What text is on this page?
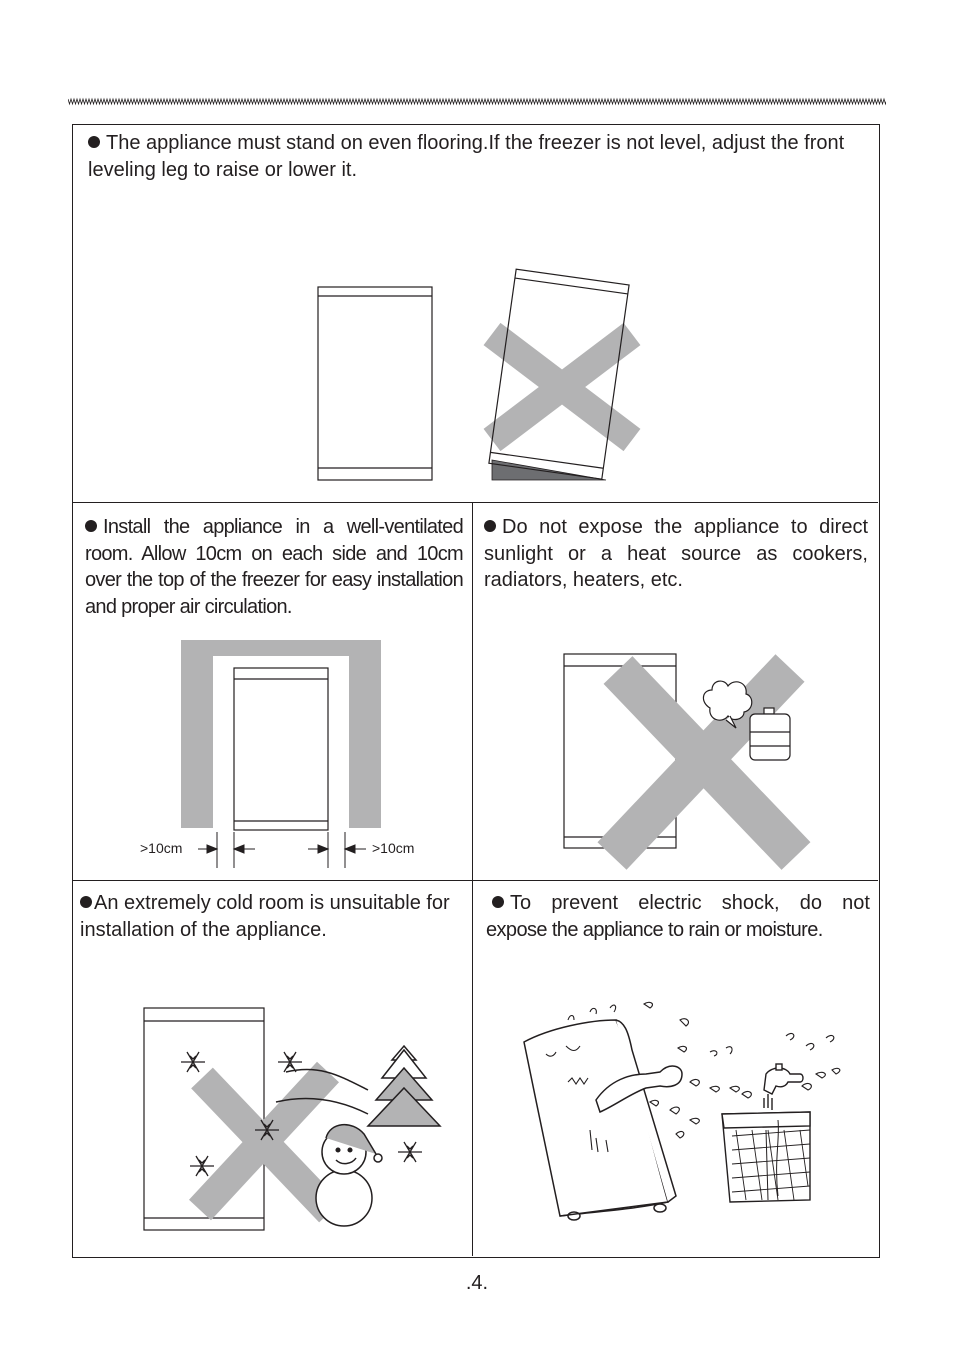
The appliance must stand on even flooring.If the freezer is not level, adjust the front leveling leg to raise or lower it.
Install the appliance in a well-ventilated room. Allow 10cm on each side and 10cm over the top of the freezer for easy installation and proper air circulation.
>10cm	>10cm
Do not expose the appliance to direct sunlight or a heat source as cookers, radiators, heaters, etc.
An extremely cold room is unsuitable for installation of the appliance.
To prevent electric shock, do not
expose the appliance to rain or moisture.
.4.
